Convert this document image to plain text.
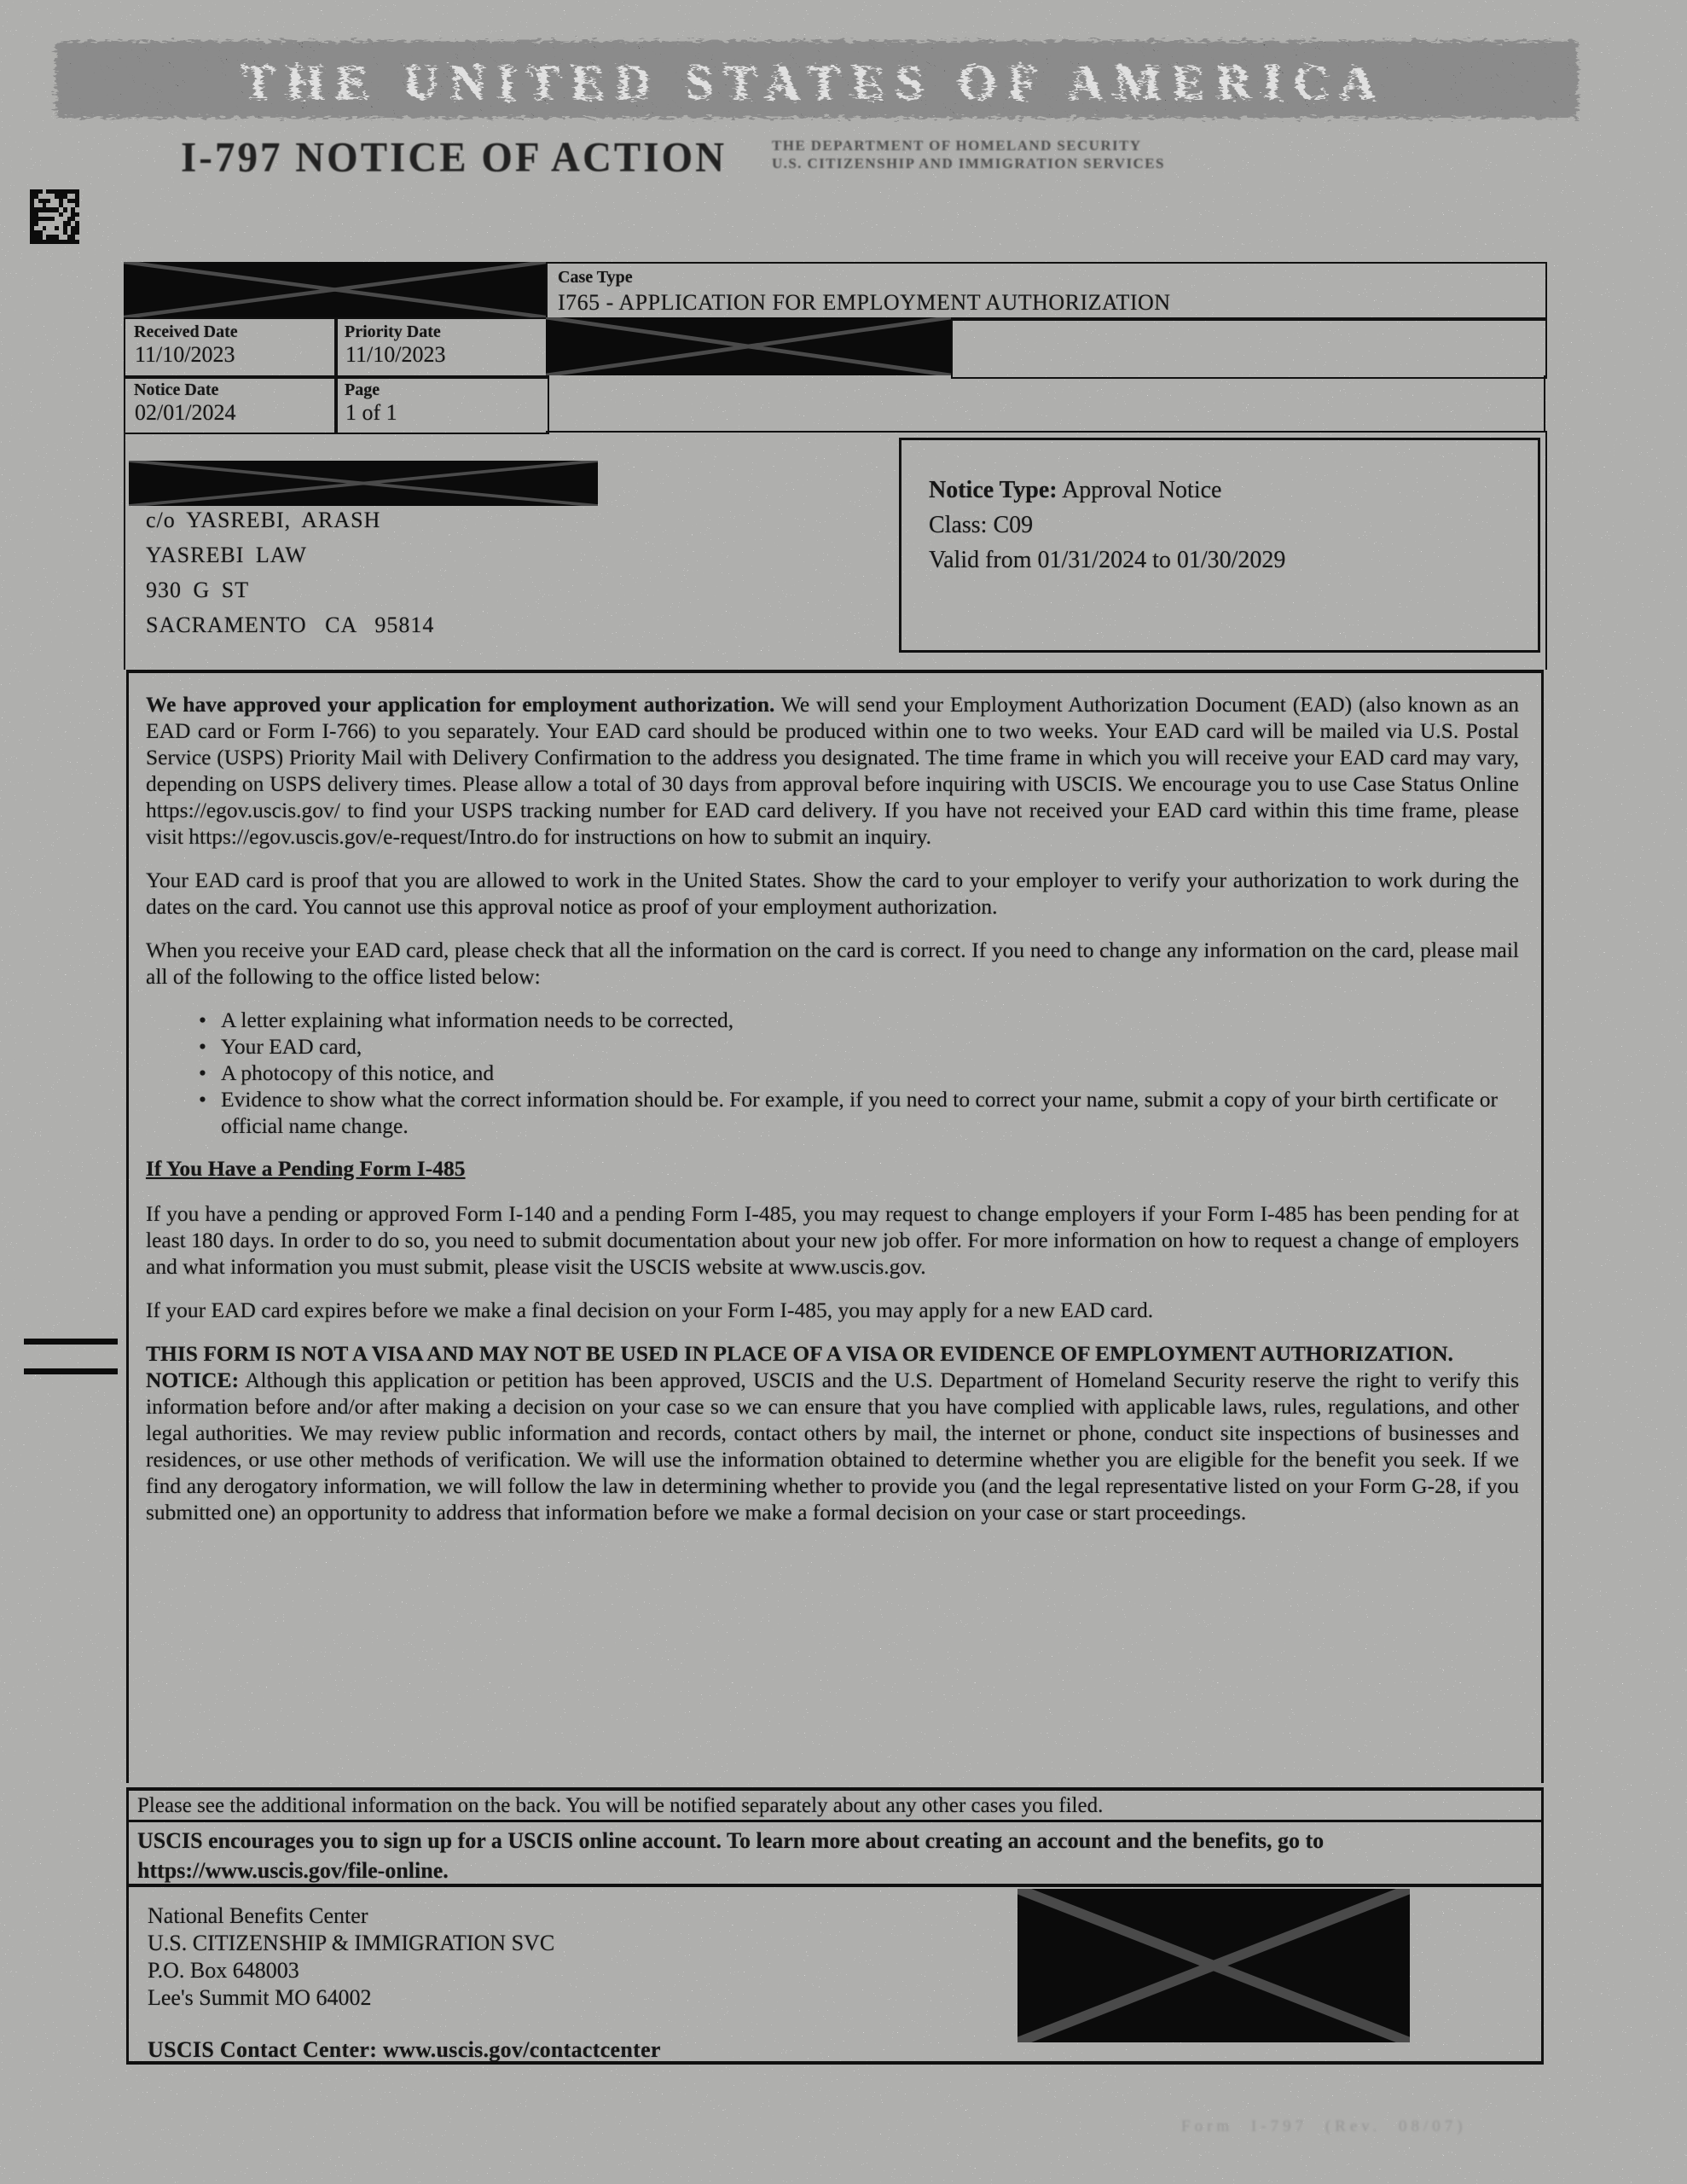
THE UNITED STATES OF AMERICA
I-797 NOTICE OF ACTION	THE DEPARTMENT OF HOMELAND SECURITY
U.S. CITIZENSHIP AND IMMIGRATION SERVICES
Case Type
I765 - APPLICATION FOR EMPLOYMENT AUTHORIZATION
Received Date
11/10/2023
Priority Date
11/10/2023
Notice Date
02/01/2024
Page
1 of 1
c/o YASREBI, ARASH
YASREBI LAW
930 G ST
SACRAMENTO CA 95814
Notice Type: Approval Notice
Class: C09
Valid from 01/31/2024 to 01/30/2029

We have approved your application for employment authorization. We will send your Employment Authorization Document (EAD) (also known as an EAD card or Form I-766) to you separately. Your EAD card should be produced within one to two weeks. Your EAD card will be mailed via U.S. Postal Service (USPS) Priority Mail with Delivery Confirmation to the address you designated. The time frame in which you will receive your EAD card may vary, depending on USPS delivery times. Please allow a total of 30 days from approval before inquiring with USCIS. We encourage you to use Case Status Online https://egov.uscis.gov/ to find your USPS tracking number for EAD card delivery. If you have not received your EAD card within this time frame, please visit https://egov.uscis.gov/e-request/Intro.do for instructions on how to submit an inquiry.

Your EAD card is proof that you are allowed to work in the United States. Show the card to your employer to verify your authorization to work during the dates on the card. You cannot use this approval notice as proof of your employment authorization.

When you receive your EAD card, please check that all the information on the card is correct. If you need to change any information on the card, please mail all of the following to the office listed below:

• A letter explaining what information needs to be corrected,
• Your EAD card,
• A photocopy of this notice, and
• Evidence to show what the correct information should be. For example, if you need to correct your name, submit a copy of your birth certificate or official name change.
If You Have a Pending Form I-485

If you have a pending or approved Form I-140 and a pending Form I-485, you may request to change employers if your Form I-485 has been pending for at least 180 days. In order to do so, you need to submit documentation about your new job offer. For more information on how to request a change of employers and what information you must submit, please visit the USCIS website at www.uscis.gov.

If your EAD card expires before we make a final decision on your Form I-485, you may apply for a new EAD card.

THIS FORM IS NOT A VISA AND MAY NOT BE USED IN PLACE OF A VISA OR EVIDENCE OF EMPLOYMENT AUTHORIZATION.

NOTICE: Although this application or petition has been approved, USCIS and the U.S. Department of Homeland Security reserve the right to verify this information before and/or after making a decision on your case so we can ensure that you have complied with applicable laws, rules, regulations, and other legal authorities. We may review public information and records, contact others by mail, the internet or phone, conduct site inspections of businesses and residences, or use other methods of verification. We will use the information obtained to determine whether you are eligible for the benefit you seek. If we find any derogatory information, we will follow the law in determining whether to provide you (and the legal representative listed on your Form G-28, if you submitted one) an opportunity to address that information before we make a formal decision on your case or start proceedings.

Please see the additional information on the back. You will be notified separately about any other cases you filed.
USCIS encourages you to sign up for a USCIS online account. To learn more about creating an account and the benefits, go to https://www.uscis.gov/file-online.
National Benefits Center
U.S. CITIZENSHIP & IMMIGRATION SVC
P.O. Box 648003
Lee's Summit MO 64002
USCIS Contact Center: www.uscis.gov/contactcenter
Form I-797 (Rev. 08/07)
